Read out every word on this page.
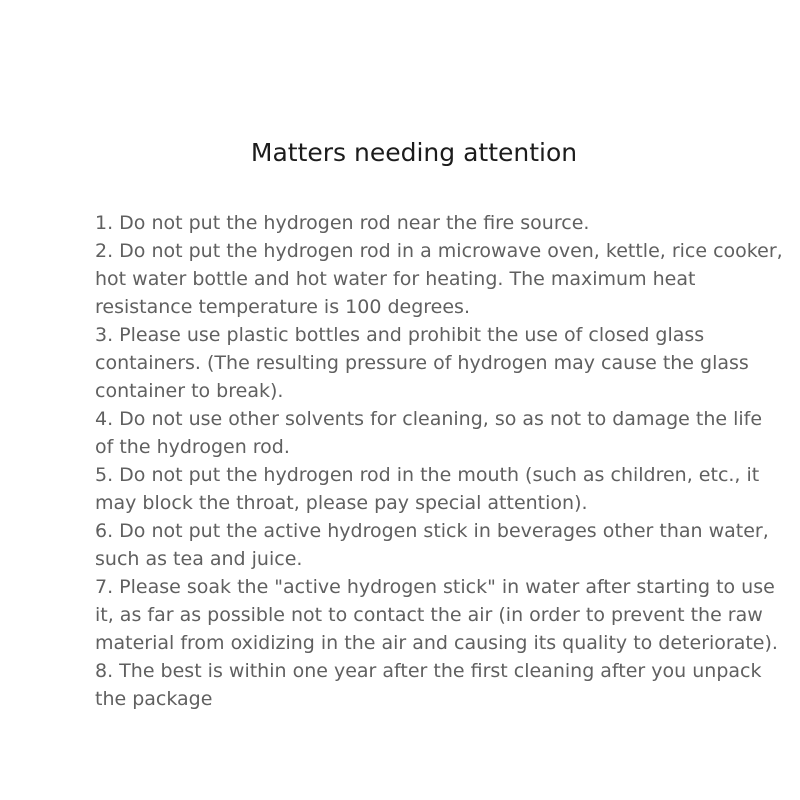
Matters needing attention
1. Do not put the hydrogen rod near the fire source.
2. Do not put the hydrogen rod in a microwave oven, kettle, rice cooker, hot water bottle and hot water for heating. The maximum heat resistance temperature is 100 degrees.
3. Please use plastic bottles and prohibit the use of closed glass containers. (The resulting pressure of hydrogen may cause the glass container to break).
4. Do not use other solvents for cleaning, so as not to damage the life of the hydrogen rod.
5. Do not put the hydrogen rod in the mouth (such as children, etc., it may block the throat, please pay special attention).
6. Do not put the active hydrogen stick in beverages other than water, such as tea and juice.
7. Please soak the "active hydrogen stick" in water after starting to use it, as far as possible not to contact the air (in order to prevent the raw material from oxidizing in the air and causing its quality to deteriorate).
8. The best is within one year after the first cleaning after you unpack the package
